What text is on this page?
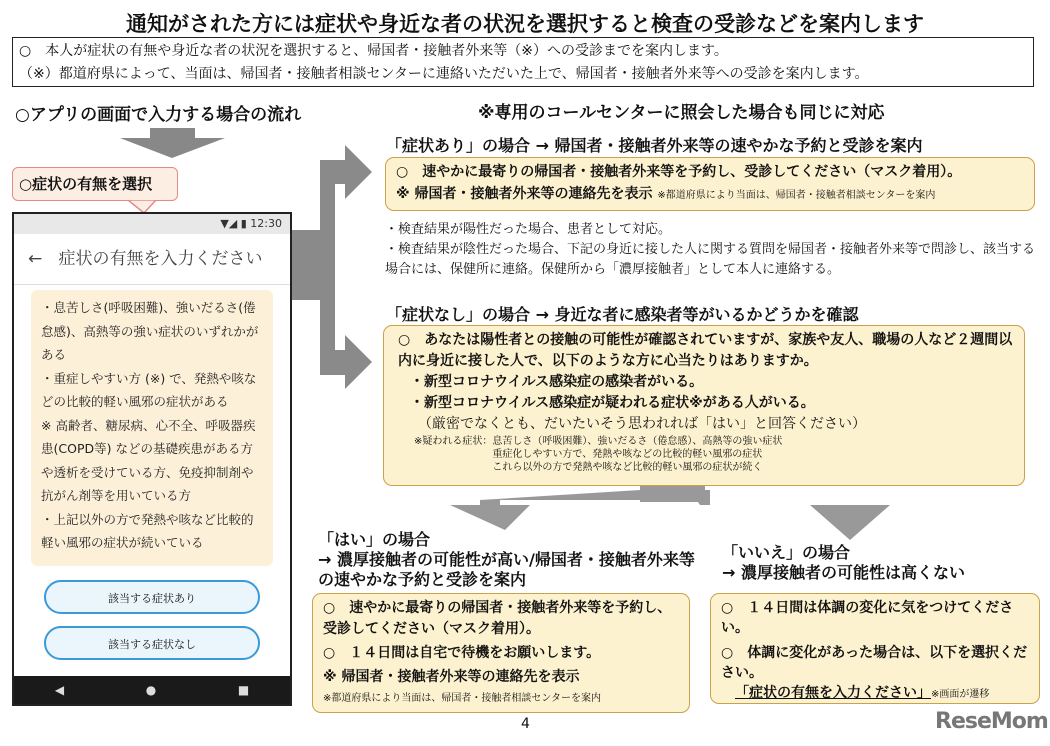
通知がされた方には症状や身近な者の状況を選択すると検査の受診などを案内します
○　本人が症状の有無や身近な者の状況を選択すると、帰国者・接触者外来等（※）への受診までを案内します。
（※）都道府県によって、当面は、帰国者・接触者相談センターに連絡いただいた上で、帰国者・接触者外来等への受診を案内します。
○アプリの画面で入力する場合の流れ	※専用のコールセンターに照会した場合も同じに対応
○症状の有無を選択
▼◢ ▮ 12:30
← 症状の有無を入力ください
・息苦しさ(呼吸困難)、強いだるさ(倦怠感)、高熱等の強い症状のいずれかがある
・重症しやすい方 (※) で、発熱や咳などの比較的軽い風邪の症状がある
※ 高齢者、糖尿病、心不全、呼吸器疾患(COPD等) などの基礎疾患がある方や透析を受けている方、免疫抑制剤や抗がん剤等を用いている方
・上記以外の方で発熱や咳など比較的軽い風邪の症状が続いている
該当する症状あり
該当する症状なし
◀	●	■
「症状あり」の場合 → 帰国者・接触者外来等の速やかな予約と受診を案内
○　速やかに最寄りの帰国者・接触者外来等を予約し、受診してください（マスク着用）。
※ 帰国者・接触者外来等の連絡先を表示 ※都道府県により当面は、帰国者・接触者相談センターを案内
・検査結果が陽性だった場合、患者として対応。
・検査結果が陰性だった場合、下記の身近に接した人に関する質問を帰国者・接触者外来等で問診し、該当する場合には、保健所に連絡。保健所から「濃厚接触者」として本人に連絡する。
「症状なし」の場合 → 身近な者に感染者等がいるかどうかを確認
○　あなたは陽性者との接触の可能性が確認されていますが、家族や友人、職場の人など２週間以内に身近に接した人で、以下のような方に心当たりはありますか。
・新型コロナウイルス感染症の感染者がいる。
・新型コロナウイルス感染症が疑われる症状※がある人がいる。
（厳密でなくとも、だいたいそう思われれば「はい」と回答ください）
※疑われる症状： 息苦しさ（呼吸困難）、強いだるさ（倦怠感）、高熱等の強い症状
重症化しやすい方で、発熱や咳などの比較的軽い風邪の症状
これら以外の方で発熱や咳など比較的軽い風邪の症状が続く
「はい」の場合
→ 濃厚接触者の可能性が高い/帰国者・接触者外来等の速やかな予約と受診を案内
○　速やかに最寄りの帰国者・接触者外来等を予約し、受診してください（マスク着用）。
○　１４日間は自宅で待機をお願いします。
※ 帰国者・接触者外来等の連絡先を表示
※都道府県により当面は、帰国者・接触者相談センターを案内
「いいえ」の場合
→ 濃厚接触者の可能性は高くない
○　１４日間は体調の変化に気をつけてください。
○　体調に変化があった場合は、以下を選択ください。
「症状の有無を入力ください」※画面が遷移
4	ReseMom
